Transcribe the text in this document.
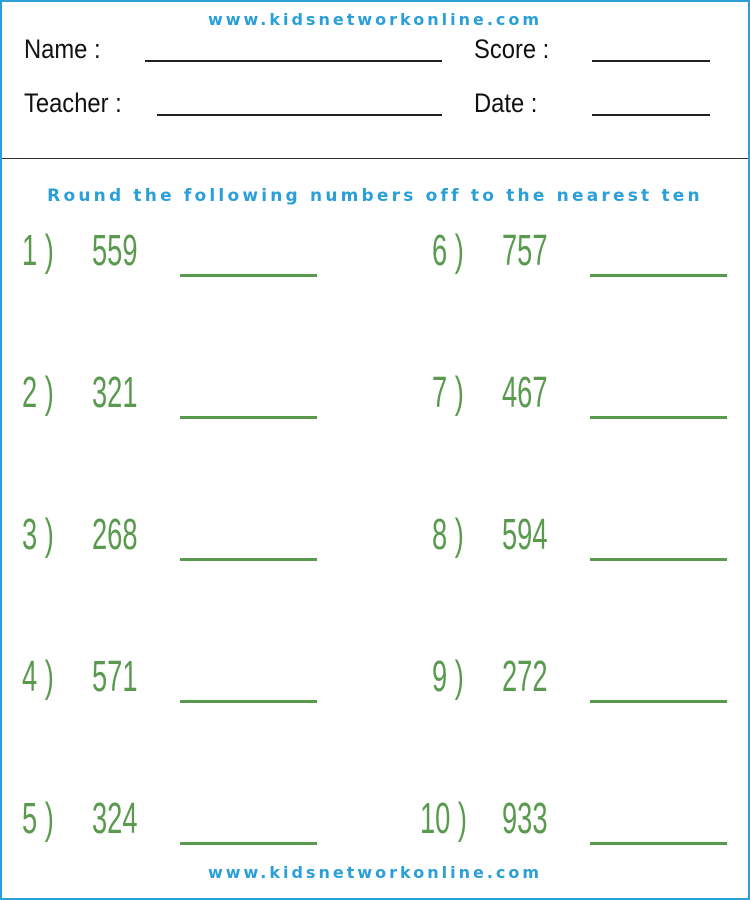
www.kidsnetworkonline.com
Name :	Score :
Teacher :	Date :
Round the following numbers off to the nearest ten
1 ) 559
2 ) 321
3 ) 268
4 ) 571
5 ) 324
6 ) 757
7 ) 467
8 ) 594
9 ) 272
10 ) 933
www.kidsnetworkonline.com
